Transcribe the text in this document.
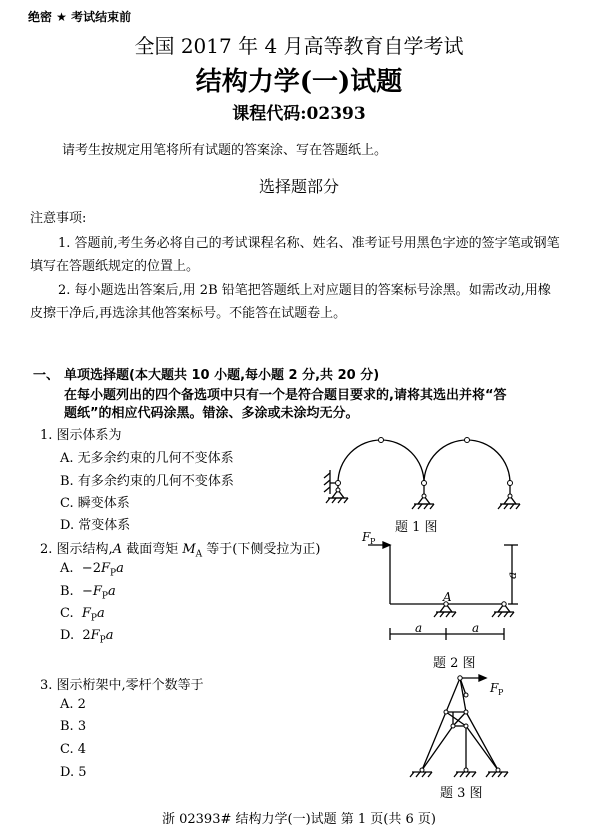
绝密 ★ 考试结束前
全国 2017 年 4 月高等教育自学考试
结构力学(一)试题
课程代码:02393
请考生按规定用笔将所有试题的答案涂、写在答题纸上。
选择题部分
注意事项:
1. 答题前,考生务必将自己的考试课程名称、姓名、准考证号用黑色字迹的签字笔或钢笔
填写在答题纸规定的位置上。
2. 每小题选出答案后,用 2B 铅笔把答题纸上对应题目的答案标号涂黑。如需改动,用橡
皮擦干净后,再选涂其他答案标号。不能答在试题卷上。
一、 单项选择题(本大题共 10 小题,每小题 2 分,共 20 分)
在每小题列出的四个备选项中只有一个是符合题目要求的,请将其选出并将“答
题纸”的相应代码涂黑。错涂、多涂或未涂均无分。
1. 图示体系为
A. 无多余约束的几何不变体系
B. 有多余约束的几何不变体系
C. 瞬变体系
D. 常变体系	题 1 图
2. 图示结构,A 截面弯矩 $M_A$ 等于(下侧受拉为正)
A. $-2F_Pa$
B. $-F_Pa$
C. $F_Pa$
D. $2F_Pa$
F P
A
a	a
a
题 2 图
3. 图示桁架中,零杆个数等于
A. 2
B. 3
C. 4
D. 5
F P
题 3 图
浙 02393# 结构力学(一)试题 第 1 页(共 6 页)
